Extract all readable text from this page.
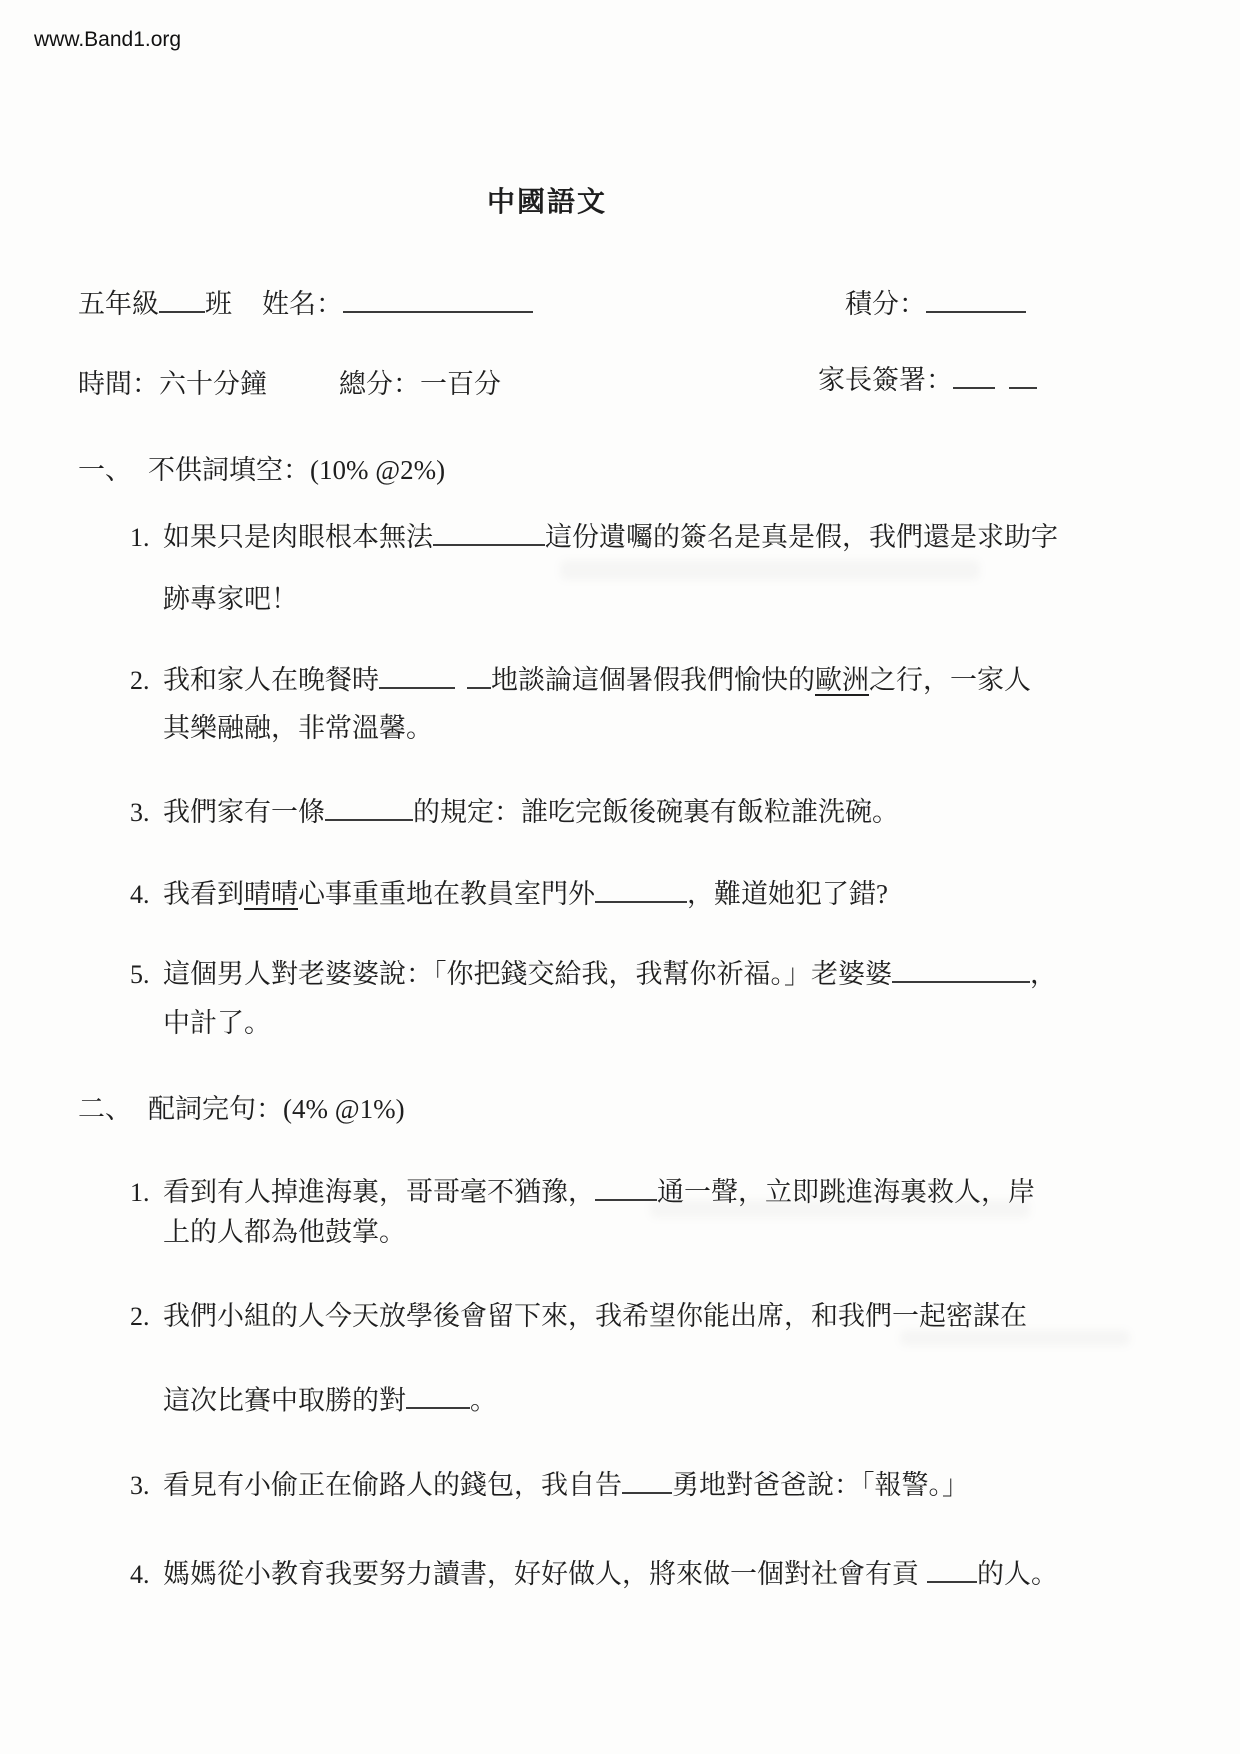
www.Band1.org
中國語文
五年級 班 姓名：	積分：
時間：六十分鐘	總分：一百分	家長簽署：
一、 不供詞填空：(10% @2%)
1. 如果只是肉眼根本無法	這份遺囑的簽名是真是假，我們還是求助字
跡專家吧！
2. 我和家人在晚餐時	地談論這個暑假我們愉快的歐洲之行，一家人
其樂融融，非常溫馨。
3. 我們家有一條	的規定：誰吃完飯後碗裏有飯粒誰洗碗。
4. 我看到晴晴心事重重地在教員室門外	，難道她犯了錯?
5. 這個男人對老婆婆說：「你把錢交給我，我幫你祈福。」老婆婆	，
中計了。
二、 配詞完句：(4% @1%)
1. 看到有人掉進海裏，哥哥毫不猶豫， 通一聲，立即跳進海裏救人，岸
上的人都為他鼓掌。
2. 我們小組的人今天放學後會留下來，我希望你能出席，和我們一起密謀在
這次比賽中取勝的對 。
3. 看見有小偷正在偷路人的錢包，我自告 勇地對爸爸說：「報警。」
4. 媽媽從小教育我要努力讀書，好好做人，將來做一個對社會有貢 的人。
